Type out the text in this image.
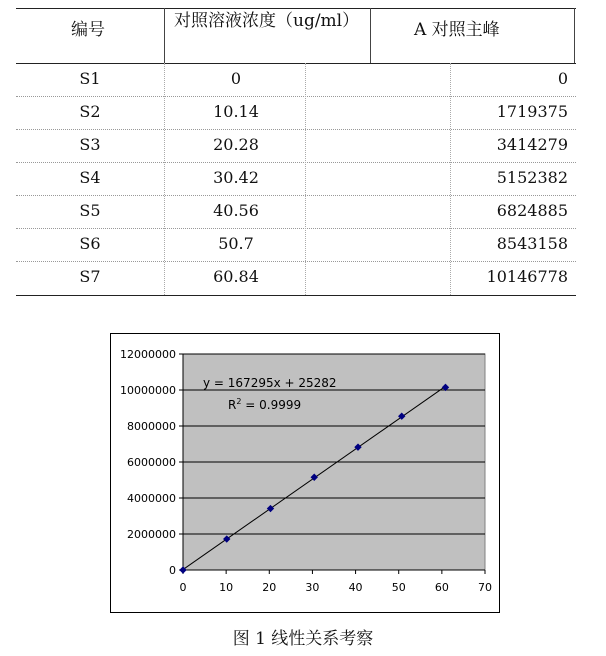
编号	对照溶液浓度（ug/ml）	A 对照主峰
S1	0	0
S2	10.14	1719375
S3	20.28	3414279
S4	30.42	5152382
S5	40.56	6824885
S6	50.7	8543158
S7	60.84	10146778
0	10	20	30	40	50	60	70
0
2000000
4000000
6000000
8000000
10000000
12000000
y = 167295x + 25282
$R^2 = 0.9999$
图 1 线性关系考察
